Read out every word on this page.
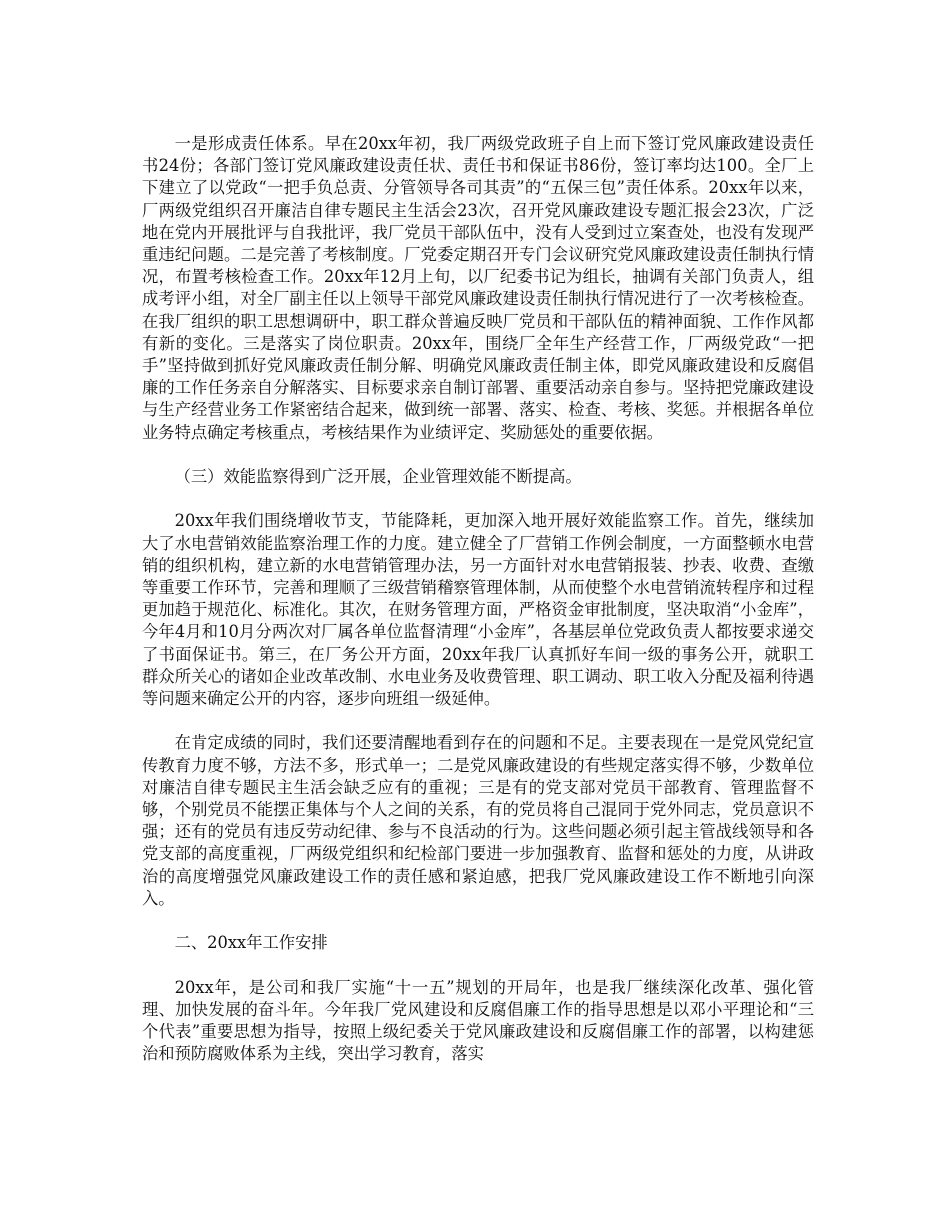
一是形成责任体系。早在20xx年初，我厂两级党政班子自上而下签订党风廉政建设责任书24份；各部门签订党风廉政建设责任状、责任书和保证书86份，签订率均达100。全厂上下建立了以党政“一把手负总责、分管领导各司其责”的“五保三包”责任体系。20xx年以来，厂两级党组织召开廉洁自律专题民主生活会23次，召开党风廉政建设专题汇报会23次，广泛地在党内开展批评与自我批评，我厂党员干部队伍中，没有人受到过立案查处，也没有发现严重违纪问题。二是完善了考核制度。厂党委定期召开专门会议研究党风廉政建设责任制执行情况，布置考核检查工作。20xx年12月上旬，以厂纪委书记为组长，抽调有关部门负责人，组成考评小组，对全厂副主任以上领导干部党风廉政建设责任制执行情况进行了一次考核检查。在我厂组织的职工思想调研中，职工群众普遍反映厂党员和干部队伍的精神面貌、工作作风都有新的变化。三是落实了岗位职责。20xx年，围绕厂全年生产经营工作，厂两级党政“一把手”坚持做到抓好党风廉政责任制分解、明确党风廉政责任制主体，即党风廉政建设和反腐倡廉的工作任务亲自分解落实、目标要求亲自制订部署、重要活动亲自参与。坚持把党廉政建设与生产经营业务工作紧密结合起来，做到统一部署、落实、检查、考核、奖惩。并根据各单位业务特点确定考核重点，考核结果作为业绩评定、奖励惩处的重要依据。

（三）效能监察得到广泛开展，企业管理效能不断提高。

20xx年我们围绕增收节支，节能降耗，更加深入地开展好效能监察工作。首先，继续加大了水电营销效能监察治理工作的力度。建立健全了厂营销工作例会制度，一方面整顿水电营销的组织机构，建立新的水电营销管理办法，另一方面针对水电营销报装、抄表、收费、查缴等重要工作环节，完善和理顺了三级营销稽察管理体制，从而使整个水电营销流转程序和过程更加趋于规范化、标准化。其次，在财务管理方面，严格资金审批制度，坚决取消“小金库”，今年4月和10月分两次对厂属各单位监督清理“小金库”，各基层单位党政负责人都按要求递交了书面保证书。第三，在厂务公开方面，20xx年我厂认真抓好车间一级的事务公开，就职工群众所关心的诸如企业改革改制、水电业务及收费管理、职工调动、职工收入分配及福利待遇等问题来确定公开的内容，逐步向班组一级延伸。

在肯定成绩的同时，我们还要清醒地看到存在的问题和不足。主要表现在一是党风党纪宣传教育力度不够，方法不多，形式单一；二是党风廉政建设的有些规定落实得不够，少数单位对廉洁自律专题民主生活会缺乏应有的重视；三是有的党支部对党员干部教育、管理监督不够，个别党员不能摆正集体与个人之间的关系，有的党员将自己混同于党外同志，党员意识不强；还有的党员有违反劳动纪律、参与不良活动的行为。这些问题必须引起主管战线领导和各党支部的高度重视，厂两级党组织和纪检部门要进一步加强教育、监督和惩处的力度，从讲政治的高度增强党风廉政建设工作的责任感和紧迫感，把我厂党风廉政建设工作不断地引向深入。

二、20xx年工作安排

20xx年，是公司和我厂实施“十一五”规划的开局年，也是我厂继续深化改革、强化管理、加快发展的奋斗年。今年我厂党风建设和反腐倡廉工作的指导思想是以邓小平理论和“三个代表”重要思想为指导，按照上级纪委关于党风廉政建设和反腐倡廉工作的部署，以构建惩治和预防腐败体系为主线，突出学习教育，落实
